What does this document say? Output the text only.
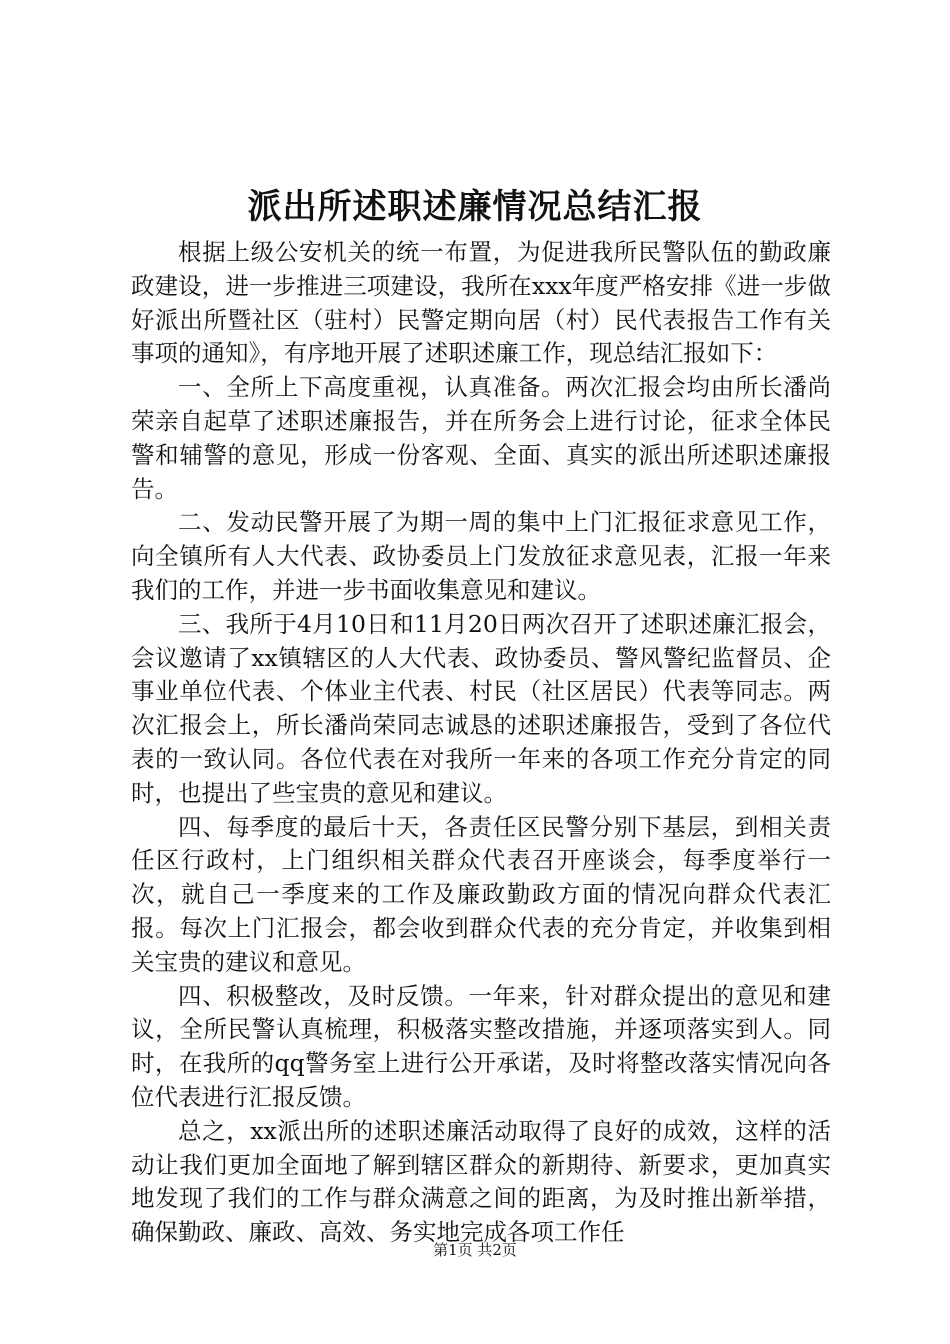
派出所述职述廉情况总结汇报

根据上级公安机关的统一布置，为促进我所民警队伍的勤政廉政建设，进一步推进三项建设，我所在xxx年度严格安排《进一步做好派出所暨社区（驻村）民警定期向居（村）民代表报告工作有关事项的通知》，有序地开展了述职述廉工作，现总结汇报如下：

一、全所上下高度重视，认真准备。两次汇报会均由所长潘尚荣亲自起草了述职述廉报告，并在所务会上进行讨论，征求全体民警和辅警的意见，形成一份客观、全面、真实的派出所述职述廉报告。

二、发动民警开展了为期一周的集中上门汇报征求意见工作，向全镇所有人大代表、政协委员上门发放征求意见表，汇报一年来我们的工作，并进一步书面收集意见和建议。

三、我所于4月10日和11月20日两次召开了述职述廉汇报会，会议邀请了xx镇辖区的人大代表、政协委员、警风警纪监督员、企事业单位代表、个体业主代表、村民（社区居民）代表等同志。两次汇报会上，所长潘尚荣同志诚恳的述职述廉报告，受到了各位代表的一致认同。各位代表在对我所一年来的各项工作充分肯定的同时，也提出了些宝贵的意见和建议。

四、每季度的最后十天，各责任区民警分别下基层，到相关责任区行政村，上门组织相关群众代表召开座谈会，每季度举行一次，就自己一季度来的工作及廉政勤政方面的情况向群众代表汇报。每次上门汇报会，都会收到群众代表的充分肯定，并收集到相关宝贵的建议和意见。

四、积极整改，及时反馈。一年来，针对群众提出的意见和建议，全所民警认真梳理，积极落实整改措施，并逐项落实到人。同时，在我所的qq警务室上进行公开承诺，及时将整改落实情况向各位代表进行汇报反馈。

总之，xx派出所的述职述廉活动取得了良好的成效，这样的活动让我们更加全面地了解到辖区群众的新期待、新要求，更加真实地发现了我们的工作与群众满意之间的距离，为及时推出新举措，确保勤政、廉政、高效、务实地完成各项工作任

第1页 共2页
